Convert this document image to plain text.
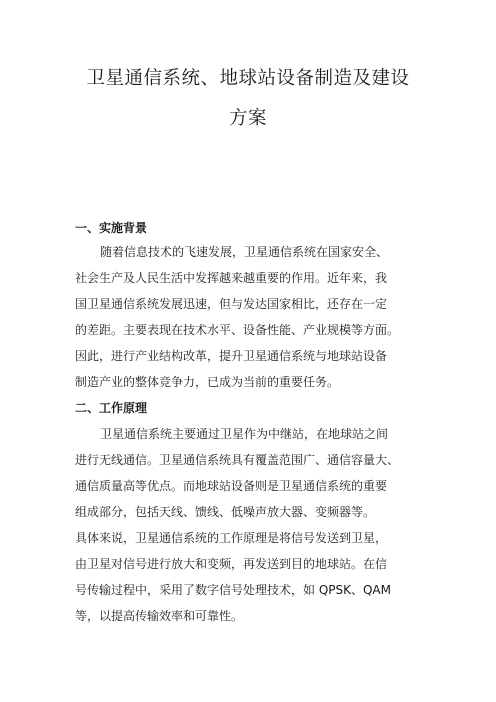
卫星通信系统、地球站设备制造及建设
方案
一、实施背景

随着信息技术的飞速发展，卫星通信系统在国家安全、

社会生产及人民生活中发挥越来越重要的作用。近年来，我

国卫星通信系统发展迅速，但与发达国家相比，还存在一定

的差距。主要表现在技术水平、设备性能、产业规模等方面。

因此，进行产业结构改革，提升卫星通信系统与地球站设备

制造产业的整体竞争力，已成为当前的重要任务。

二、工作原理

卫星通信系统主要通过卫星作为中继站，在地球站之间

进行无线通信。卫星通信系统具有覆盖范围广、通信容量大、

通信质量高等优点。而地球站设备则是卫星通信系统的重要

组成部分，包括天线、馈线、低噪声放大器、变频器等。

具体来说，卫星通信系统的工作原理是将信号发送到卫星，

由卫星对信号进行放大和变频，再发送到目的地球站。在信

号传输过程中，采用了数字信号处理技术，如 QPSK、QAM

等，以提高传输效率和可靠性。
